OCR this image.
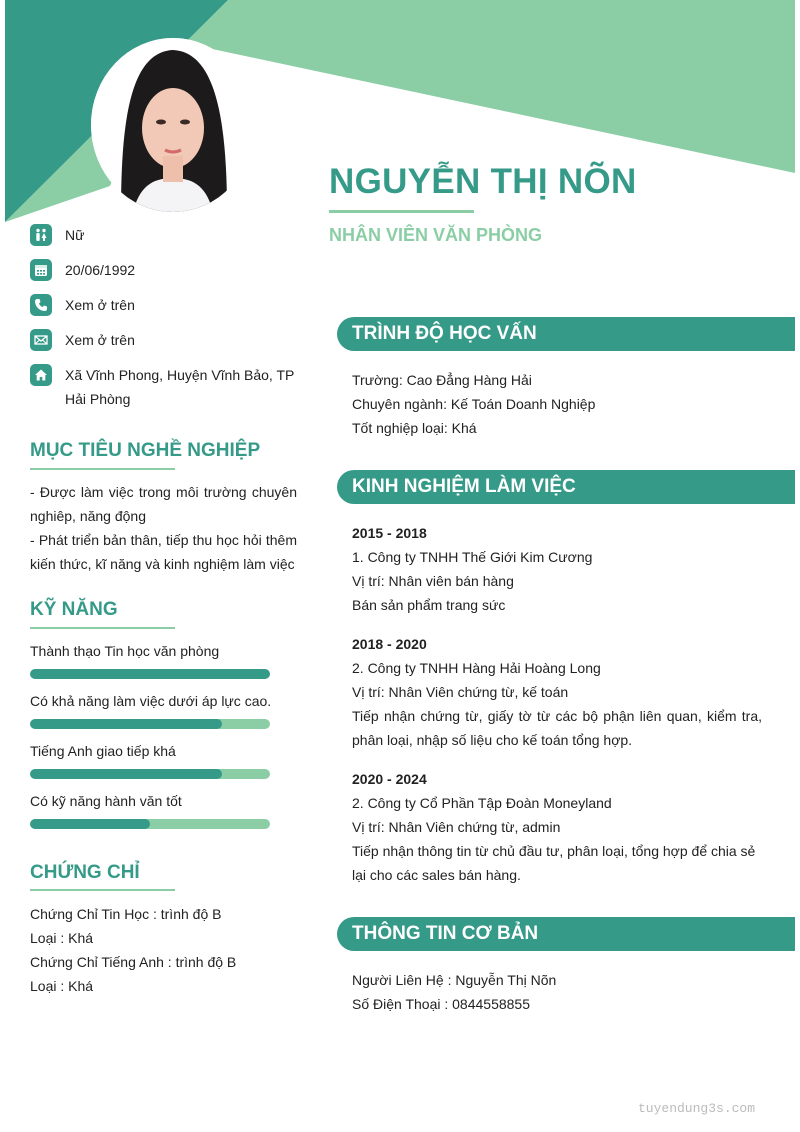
NGUYỄN THỊ NÕN
NHÂN VIÊN VĂN PHÒNG
Nữ
20/06/1992
Xem ở trên
Xem ở trên
Xã Vĩnh Phong, Huyện Vĩnh Bảo, TP Hải Phòng
MỤC TIÊU NGHỀ NGHIỆP
- Được làm việc trong môi trường chuyên nghiêp, năng động
- Phát triển bản thân, tiếp thu học hỏi thêm kiến thức, kĩ năng và kinh nghiệm làm việc
KỸ NĂNG
Thành thạo Tin học văn phòng
Có khả năng làm việc dưới áp lực cao.
Tiếng Anh giao tiếp khá
Có kỹ năng hành văn tốt
CHỨNG CHỈ
Chứng Chỉ Tin Học : trình độ B
Loại : Khá
Chứng Chỉ Tiếng Anh : trình độ B
Loại : Khá
TRÌNH ĐỘ HỌC VẤN
Trường: Cao Đẳng Hàng Hải
Chuyên ngành: Kế Toán Doanh Nghiệp
Tốt nghiệp loại: Khá
KINH NGHIỆM LÀM VIỆC
2015 - 2018
1. Công ty TNHH Thế Giới Kim Cương
Vị trí: Nhân viên bán hàng
Bán sản phẩm trang sức
2018 - 2020
2. Công ty TNHH Hàng Hải Hoàng Long
Vị trí: Nhân Viên chứng từ, kế toán
Tiếp nhận chứng từ, giấy tờ từ các bộ phận liên quan, kiểm tra, phân loại, nhập số liệu cho kế toán tổng hợp.
2020 - 2024
2. Công ty Cổ Phần Tập Đoàn Moneyland
Vị trí: Nhân Viên chứng từ, admin
Tiếp nhận thông tin từ chủ đầu tư, phân loại, tổng hợp để chia sẻ lại cho các sales bán hàng.
THÔNG TIN CƠ BẢN
Người Liên Hệ : Nguyễn Thị Nõn
Số Điện Thoại : 0844558855
tuyendung3s.com
